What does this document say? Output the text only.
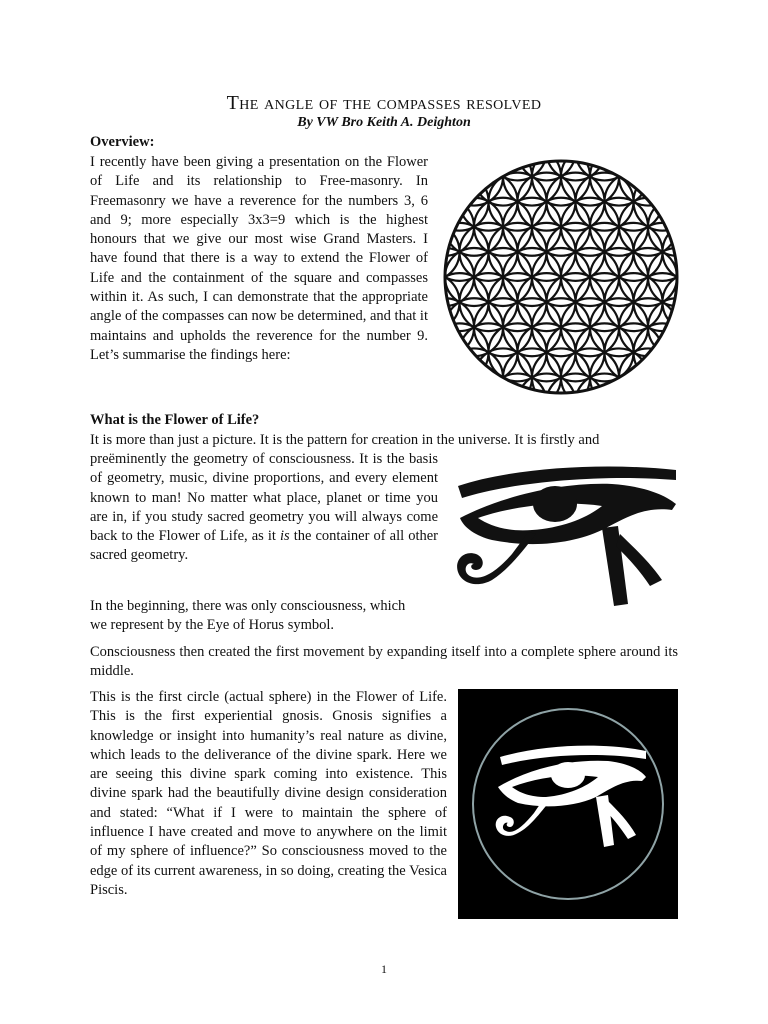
The angle of the compasses resolved
By VW Bro Keith A. Deighton
Overview:
I recently have been giving a presentation on the Flower of Life and its relationship to Free-masonry. In Freemasonry we have a reverence for the numbers 3, 6 and 9; more especially 3x3=9 which is the highest honours that we give our most wise Grand Masters. I have found that there is a way to extend the Flower of Life and the containment of the square and compasses within it. As such, I can demonstrate that the appropriate angle of the compasses can now be determined, and that it maintains and upholds the reverence for the number 9. Let’s summarise the findings here:
What is the Flower of Life?
It is more than just a picture. It is the pattern for creation in the universe. It is firstly and
preëminently the geometry of consciousness. It is the basis of geometry, music, divine proportions, and every element known to man! No matter what place, planet or time you are in, if you study sacred geometry you will always come back to the Flower of Life, as it is the container of all other sacred geometry.
In the beginning, there was only consciousness, which we represent by the Eye of Horus symbol.
Consciousness then created the first movement by expanding itself into a complete sphere around its middle.
This is the first circle (actual sphere) in the Flower of Life. This is the first experiential gnosis. Gnosis signifies a knowledge or insight into humanity’s real nature as divine, which leads to the deliverance of the divine spark. Here we are seeing this divine spark coming into existence. This divine spark had the beautifully divine design consideration and stated: “What if I were to maintain the sphere of influence I have created and move to anywhere on the limit of my sphere of influence?” So consciousness moved to the edge of its current awareness, in so doing, creating the Vesica Piscis.
1
